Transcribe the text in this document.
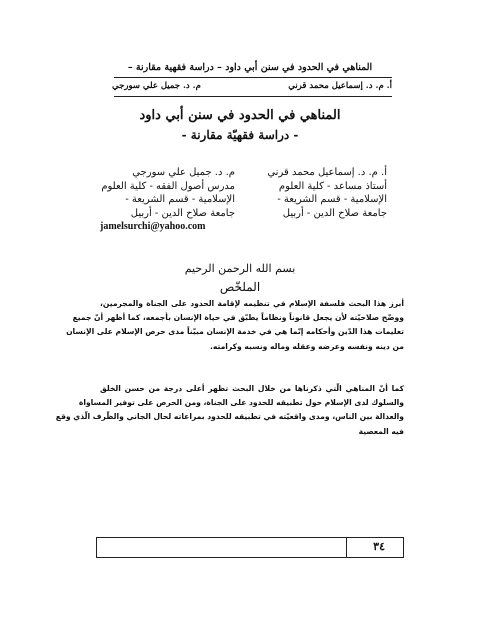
المناهي في الحدود في سنن أبي داود – دراسة فقهية مقارنة –
أ. م. د. إسماعيل محمد قرني
م. د. جميل علي سورجي
المناهي في الحدود في سنن أبي داود
- دراسة فقهيّة مقارنة -
أ. م. د. إسماعيل محمد قرني
أستاذ مساعد - كلية العلوم
الإسلامية - قسم الشريعة -
جامعة صلاح الدين - أربيل
م. د. جميل علي سورجي
مدرس أصول الفقه - كلية العلوم
الإسلامية - قسم الشريعة -
جامعة صلاح الدين - أربيل
jamelsurchi@yahoo.com
بسم الله الرحمن الرحيم
الملخّص
أبرز هذا البحث فلسفة الإسلام في تنظيمه لإقامة الحدود على الجناة والمجرمين،
ووضّح صلاحيّته لأن يجعل قانوناً ونظاماً يطبّق في حياة الإنسان بأجمعه، كما أظهر أنّ جميع
تعليمات هذا الدّين وأحكامه إنّما هي في خدمة الإنسان مبيّناً مدى حرص الإسلام على الإنسان
من دينه ونفسه وعرضه وعقله وماله ونسبه وكرامته.
كما أنّ المناهي الّتي ذكرناها من خلال البحث تظهر أعلى درجة من حسن الخلق
والسلوك لدى الإسلام حول تطبيقه للحدود على الجناة، ومن الحرص على توفير المساواة
والعدالة بين الناس، ومدى واقعيّته في تطبيقه للحدود بمراعاته لحال الجاني والظّرف الّذي وقع
فيه المعصية
٣٤
